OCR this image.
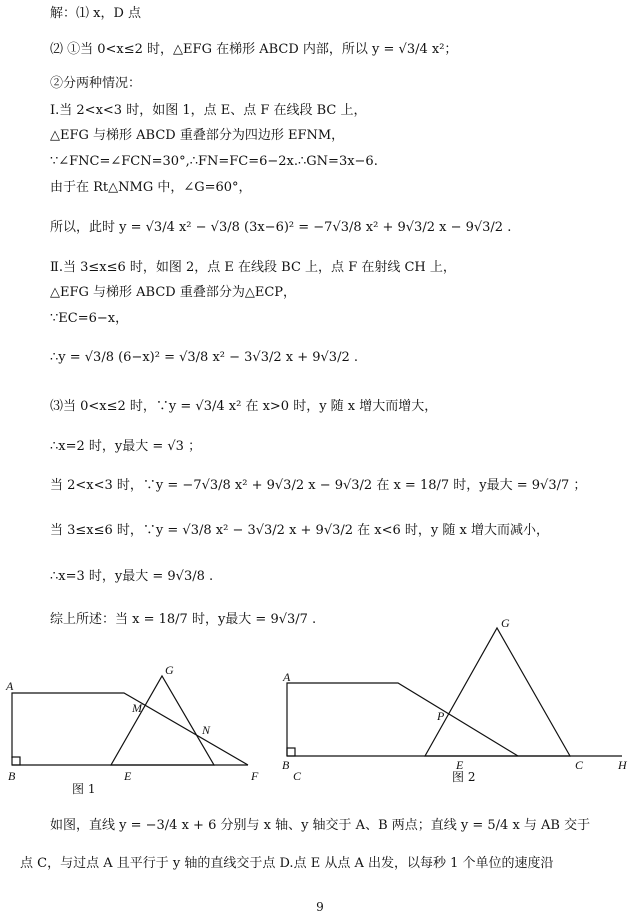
解：⑴ x，D 点
⑵ ①当 0<x≤2 时，△EFG 在梯形 ABCD 内部，所以 y = √3/4 x²；
②分两种情况：
Ⅰ.当 2<x<3 时，如图 1，点 E、点 F 在线段 BC 上，
△EFG 与梯形 ABCD 重叠部分为四边形 EFNM，
∵∠FNC=∠FCN=30°,∴FN=FC=6−2x.∴GN=3x−6.
由于在 Rt△NMG 中，∠G=60°，
所以，此时 y = √3/4 x² − √3/8 (3x−6)² = −7√3/8 x² + 9√3/2 x − 9√3/2 .
Ⅱ.当 3≤x≤6 时，如图 2，点 E 在线段 BC 上，点 F 在射线 CH 上，
△EFG 与梯形 ABCD 重叠部分为△ECP，
∵EC=6−x，
∴y = √3/8 (6−x)² = √3/8 x² − 3√3/2 x + 9√3/2 .
⑶当 0<x≤2 时，∵y = √3/4 x² 在 x>0 时，y 随 x 增大而增大，
∴x=2 时，y最大 = √3 ；
当 2<x<3 时，∵y = −7√3/8 x² + 9√3/2 x − 9√3/2 在 x = 18/7 时，y最大 = 9√3/7 ；
当 3≤x≤6 时，∵y = √3/8 x² − 3√3/2 x + 9√3/2 在 x<6 时，y 随 x 增大而减小，
∴x=3 时，y最大 = 9√3/8 .
综上所述：当 x = 18/7 时，y最大 = 9√3/7 .
A
B	E	F
G
M
N
A
B
C
E	C	H
G
P
图 1
图 2
如图，直线 y = −3/4 x + 6 分别与 x 轴、y 轴交于 A、B 两点；直线 y = 5/4 x 与 AB 交于
点 C，与过点 A 且平行于 y 轴的直线交于点 D.点 E 从点 A 出发，以每秒 1 个单位的速度沿
9
